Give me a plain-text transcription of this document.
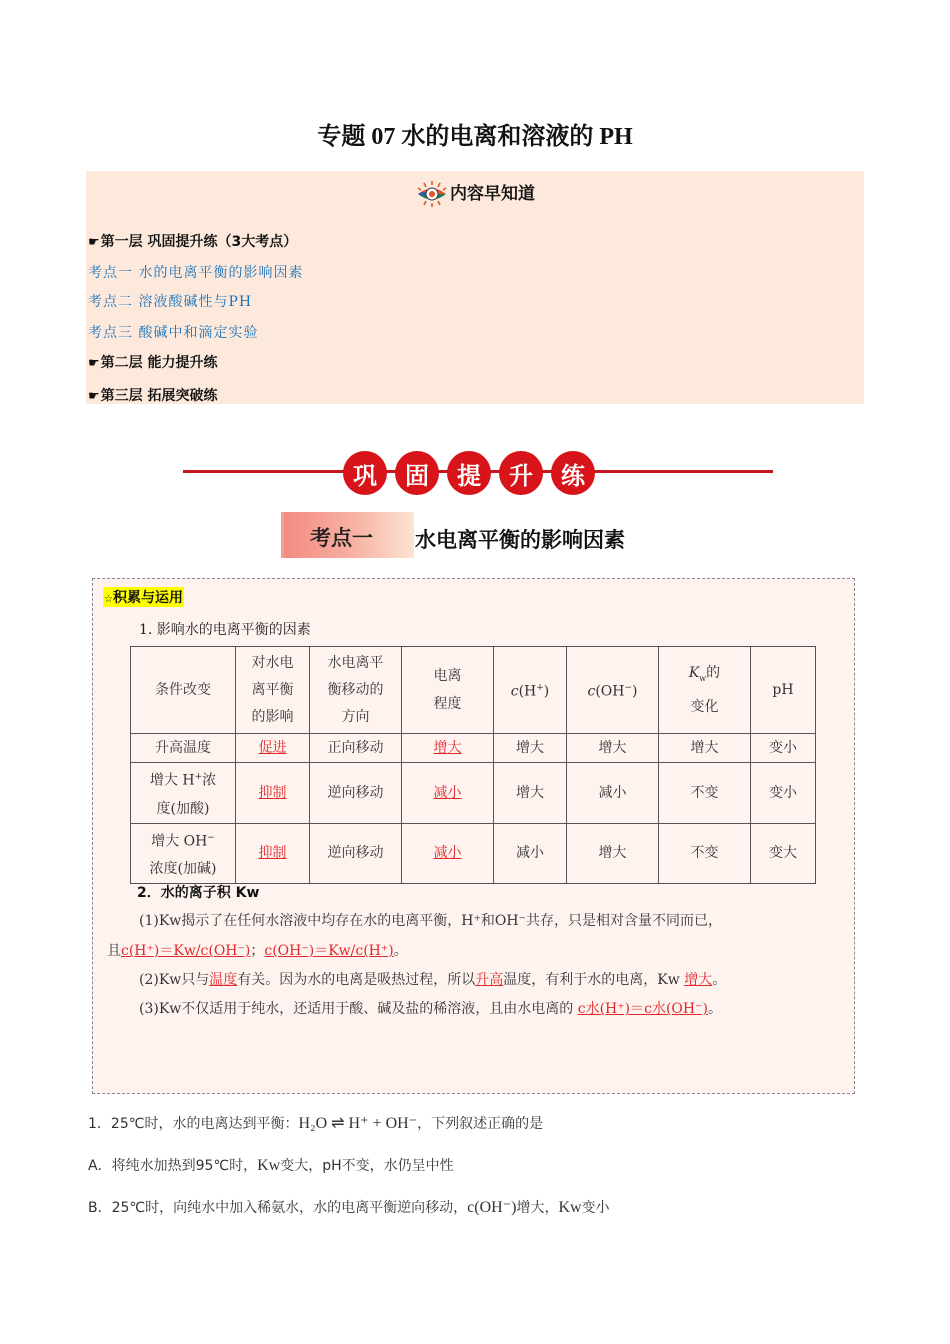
专题 07 水的电离和溶液的 PH
内容早知道
☛第一层 巩固提升练（3大考点）
考点一 水的电离平衡的影响因素
考点二 溶液酸碱性与PH
考点三 酸碱中和滴定实验
☛第二层 能力提升练
☛第三层 拓展突破练
巩	固	提	升	练
考点一 水电离平衡的影响因素
☆积累与运用
1. 影响水的电离平衡的因素
条件改变	对水电
离平衡
的影响	水电离平
衡移动的
方向	电离
程度	c(H+)	c(OH−)	$K_w$的
变化	pH
升高温度	促进	正向移动	增大	增大	增大	增大	变小
增大 H+浓
度(加酸)	抑制	逆向移动	减小	增大	减小	不变	变小
增大 OH−
浓度(加碱)	抑制	逆向移动	减小	减小	增大	不变	变大
2．水的离子积 Kw
(1)Kw揭示了在任何水溶液中均存在水的电离平衡，H⁺和OH⁻共存，只是相对含量不同而已，
且c(H⁺)＝Kw/c(OH⁻)；c(OH⁻)＝Kw/c(H⁺)。
(2)Kw只与温度有关。因为水的电离是吸热过程，所以升高温度，有利于水的电离，Kw 增大。
(3)Kw不仅适用于纯水，还适用于酸、碱及盐的稀溶液，且由水电离的 c水(H⁺)＝c水(OH⁻)。
1．25℃时，水的电离达到平衡：H₂O ⇌ H⁺ + OH⁻，下列叙述正确的是
A．将纯水加热到95℃时，Kw变大，pH不变，水仍呈中性
B．25℃时，向纯水中加入稀氨水，水的电离平衡逆向移动，c(OH⁻)增大，Kw变小
